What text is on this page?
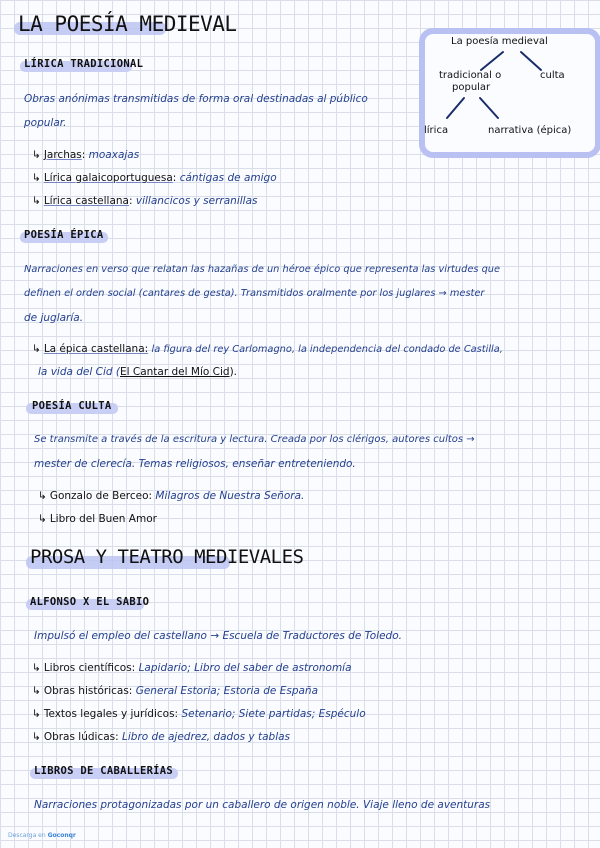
LA POESÍA MEDIEVAL
LÍRICA TRADICIONAL
Obras anónimas transmitidas de forma oral destinadas al público
popular.
↳ Jarchas: moaxajas
↳ Lírica galaicoportuguesa: cántigas de amigo
↳ Lírica castellana: villancicos y serranillas
La poesía medieval
tradicional o
popular
culta
lírica	narrativa (épica)
POESÍA ÉPICA
Narraciones en verso que relatan las hazañas de un héroe épico que representa las virtudes que
definen el orden social (cantares de gesta). Transmitidos oralmente por los juglares → mester
de juglaría.
↳ La épica castellana: la figura del rey Carlomagno, la independencia del condado de Castilla,
la vida del Cid (El Cantar del Mío Cid).
POESÍA CULTA
Se transmite a través de la escritura y lectura. Creada por los clérigos, autores cultos →
mester de clerecía. Temas religiosos, enseñar entreteniendo.
↳ Gonzalo de Berceo: Milagros de Nuestra Señora.
↳ Libro del Buen Amor
PROSA Y TEATRO MEDIEVALES
ALFONSO X EL SABIO
Impulsó el empleo del castellano → Escuela de Traductores de Toledo.
↳ Libros científicos: Lapidario; Libro del saber de astronomía
↳ Obras históricas: General Estoria; Estoria de España
↳ Textos legales y jurídicos: Setenario; Siete partidas; Espéculo
↳ Obras lúdicas: Libro de ajedrez, dados y tablas
LIBROS DE CABALLERÍAS
Narraciones protagonizadas por un caballero de origen noble. Viaje lleno de aventuras
Descarga en Goconqr
